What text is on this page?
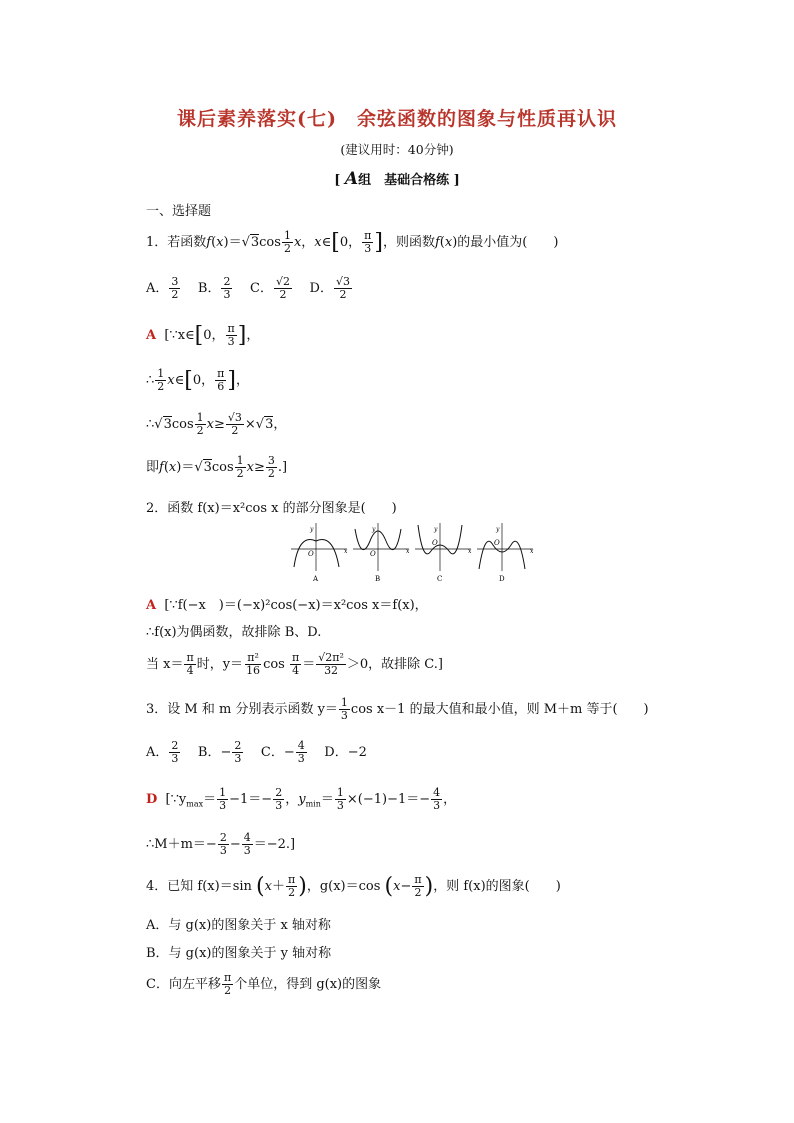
课后素养落实(七)　余弦函数的图象与性质再认识
(建议用时：40分钟)
[ A组　基础合格练 ]
一、选择题
1．若函数$f(x)=√3\cos \frac{1}{2}$ x，x∈[0， $\frac{\pi}{3}$ ]，则函数f(x)的最小值为(　　)
A． $\frac{3}{2}$ B． $\frac{2}{3}$ C． $\frac{√2}{2}$ D． $\frac{√3}{2}$
A [∵x∈[0， $\frac{\pi}{3}$ ]，
∴ $\frac{1}{2}$ x∈[0， $\frac{\pi}{6}$ ]，
∴√3cos $\frac{1}{2} x\ge \frac{√3}{2} \times√3$，
即$f(x)=√3\cos \frac{1}{2} x\ge \frac{3}{2}$ .]
2．函数 f(x)＝x²cos x 的部分图象是(　　)
y
O	x
A
y
O	x
B
y
O
x
C
y
O
x
D
A [∵f(−x　)＝(−x)²cos(−x)＝x²cos x＝f(x)，
∴f(x)为偶函数，故排除 B、D.
当 $x= \frac{\pi}{4}$ 时，$y= \frac{\text{π²}}{16}$ $\cos \frac{\pi}{4} = \frac{\text{√2π²}}{32} >0$，故排除 C.]
3．设 M 和 m 分别表示函数 $y= \frac{1}{3}$ cos x－1 的最大值和最小值，则 M＋m 等于(　　)
A． $\frac{2}{3}$ B．− $\frac{2}{3}$ C．− $\frac{4}{3}$ D．−2
D [$\because y_{max}= \frac{1}{3} -1=- \frac{2}{3}$ ，$y_{min}= \frac{1}{3} \times(-1)-1=- \frac{4}{3}$ ，
∴M＋m＝− $\frac{2}{3} - \frac{4}{3} =-2$.]
4．已知 f(x)＝sin ($x+ \frac{\pi}{2}$ )，g(x)＝cos ($x- \frac{\pi}{2}$ )，则 f(x)的图象(　　)
A．与 g(x)的图象关于 x 轴对称
B．与 g(x)的图象关于 y 轴对称
C．向左平移 $\frac{\pi}{2}$ 个单位，得到 g(x)的图象
